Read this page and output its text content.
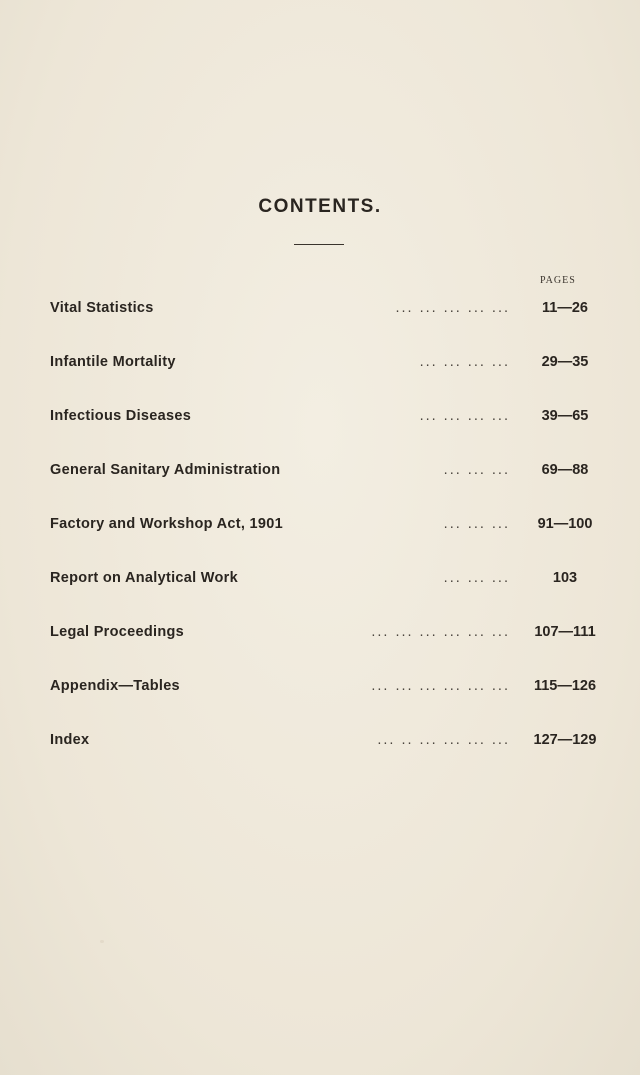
CONTENTS.
PAGES
Vital Statistics	... ... ... ... ...	11—26
Infantile Mortality	... ... ... ...	29—35
Infectious Diseases	... ... ... ...	39—65
General Sanitary Administration	... ... ...	69—88
Factory and Workshop Act, 1901	... ... ...	91—100
Report on Analytical Work	... ... ...	103
Legal Proceedings	... ... ... ... ... ...	107—111
Appendix—Tables	... ... ... ... ... ...	115—126
Index	... .. ... ... ... ...	127—129
